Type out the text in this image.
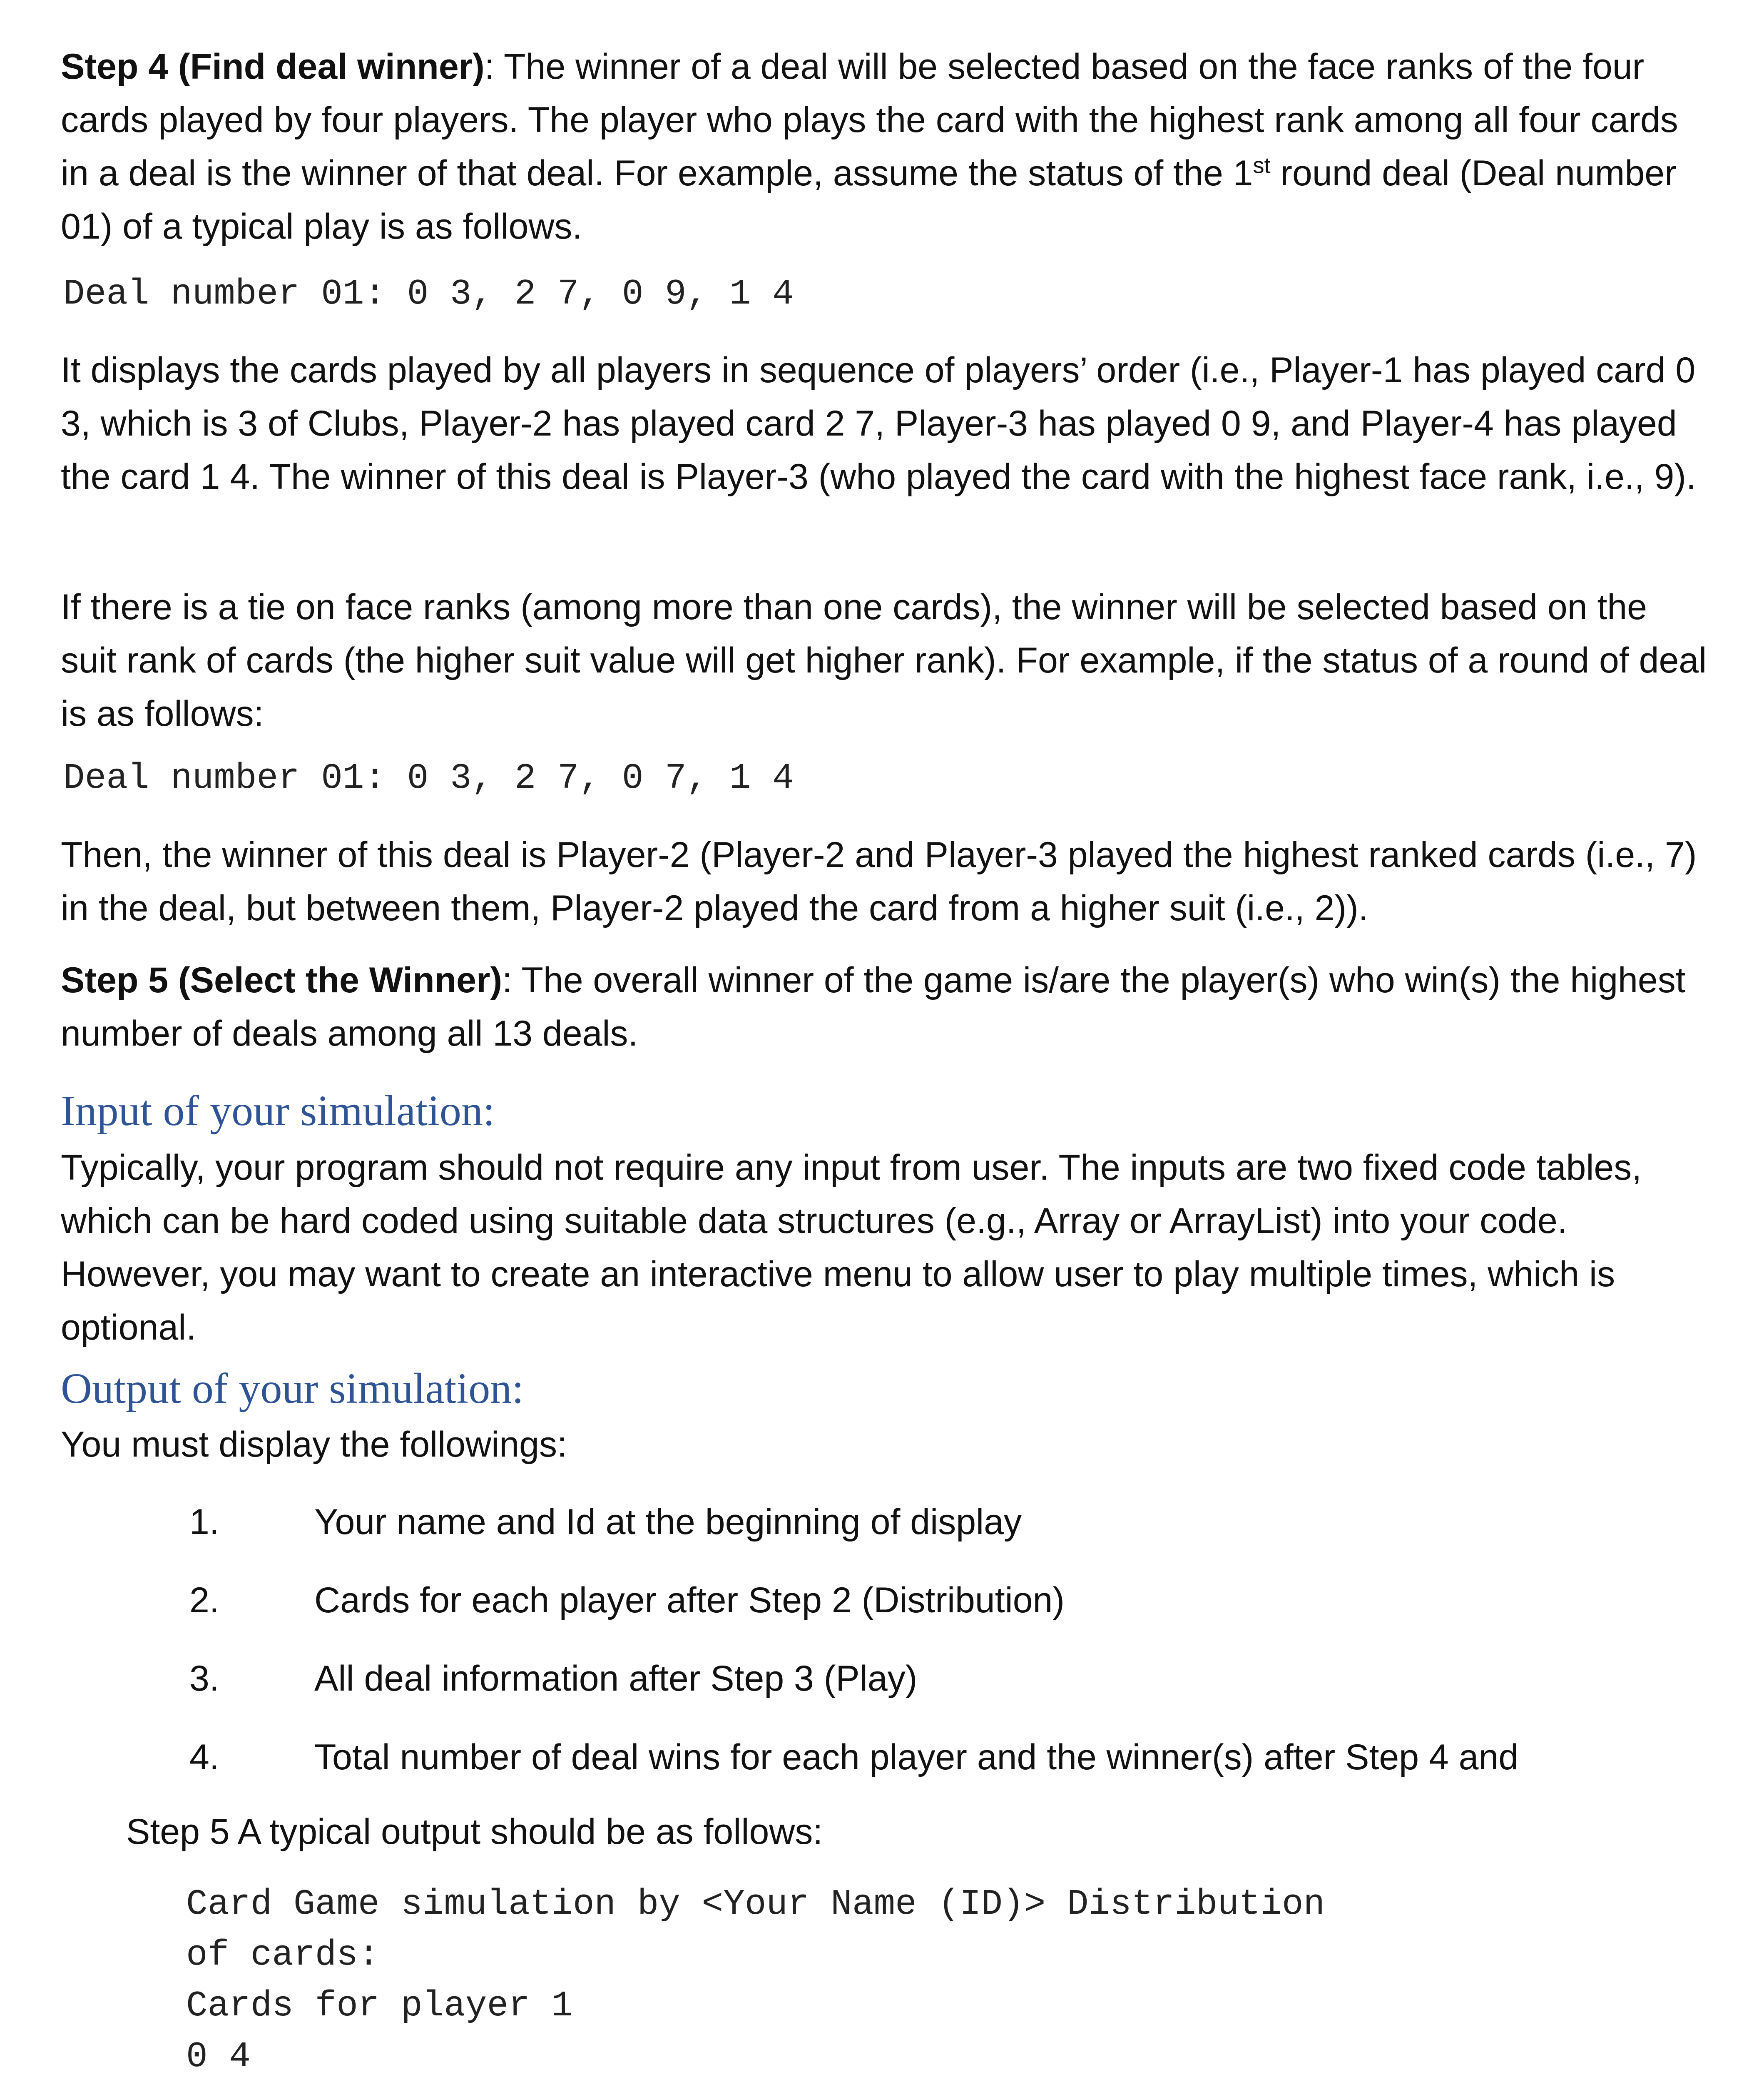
Step 4 (Find deal winner): The winner of a deal will be selected based on the face ranks of the four cards played by four players. The player who plays the card with the highest rank among all four cards in a deal is the winner of that deal. For example, assume the status of the 1st round deal (Deal number 01) of a typical play is as follows.
Deal number 01: 0 3, 2 7, 0 9, 1 4
It displays the cards played by all players in sequence of players’ order (i.e., Player-1 has played card 0 3, which is 3 of Clubs, Player-2 has played card 2 7, Player-3 has played 0 9, and Player-4 has played the card 1 4. The winner of this deal is Player-3 (who played the card with the highest face rank, i.e., 9).
If there is a tie on face ranks (among more than one cards), the winner will be selected based on the suit rank of cards (the higher suit value will get higher rank). For example, if the status of a round of deal is as follows:
Deal number 01: 0 3, 2 7, 0 7, 1 4
Then, the winner of this deal is Player-2 (Player-2 and Player-3 played the highest ranked cards (i.e., 7) in the deal, but between them, Player-2 played the card from a higher suit (i.e., 2)).
Step 5 (Select the Winner): The overall winner of the game is/are the player(s) who win(s) the highest number of deals among all 13 deals.
Input of your simulation:
Typically, your program should not require any input from user. The inputs are two fixed code tables, which can be hard coded using suitable data structures (e.g., Array or ArrayList) into your code. However, you may want to create an interactive menu to allow user to play multiple times, which is optional.
Output of your simulation:
You must display the followings:
1.	Your name and Id at the beginning of display
2.	Cards for each player after Step 2 (Distribution)
3.	All deal information after Step 3 (Play)
4.	Total number of deal wins for each player and the winner(s) after Step 4 and
Step 5 A typical output should be as follows:
Card Game simulation by <Your Name (ID)> Distribution
of cards:
Cards for player 1
0 4
